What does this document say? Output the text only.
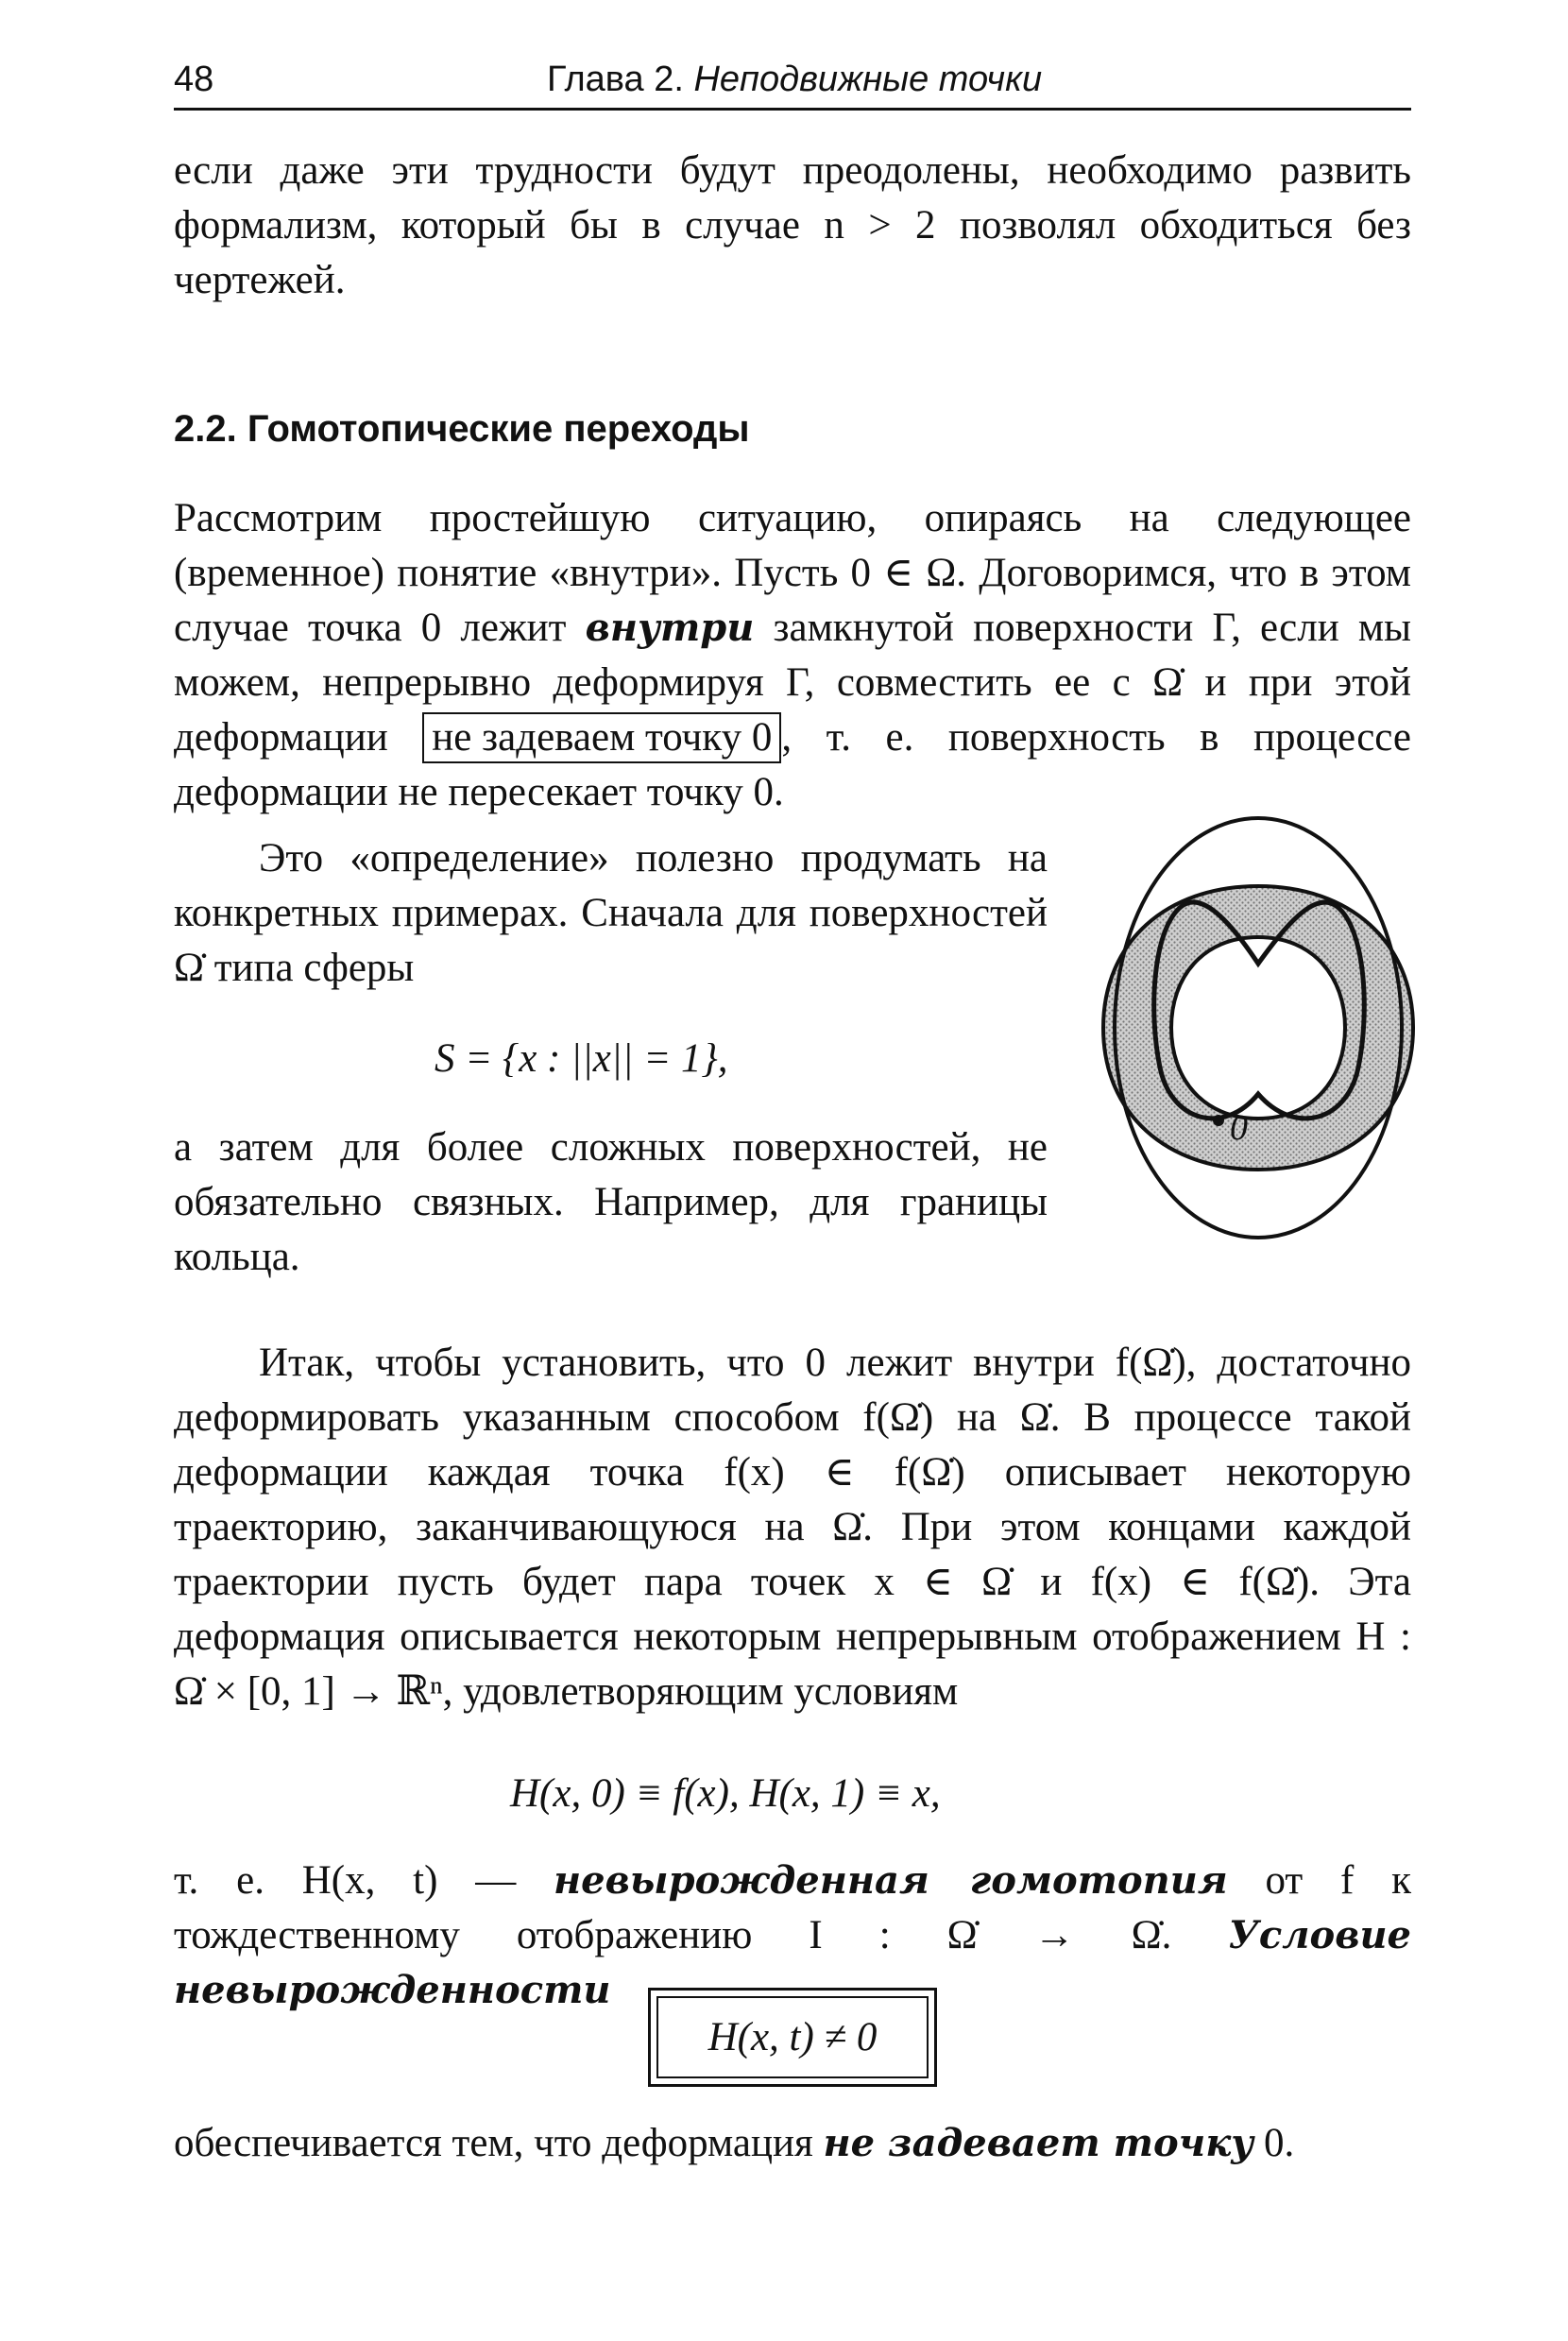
48	Глава 2. Неподвижные точки

если даже эти трудности будут преодолены, необходимо развить формализм, который бы в случае n > 2 позволял обходиться без чертежей.

2.2. Гомотопические переходы

Рассмотрим простейшую ситуацию, опираясь на следующее (временное) понятие «внутри». Пусть 0 ∈ Ω. Договоримся, что в этом случае точка 0 лежит внутри замкнутой поверхности Γ, если мы можем, непрерывно деформируя Γ, совместить ее с Ω̇ и при этой деформации не задеваем точку 0 , т. е. поверхность в процессе деформации не пересекает точку 0.

Это «определение» полезно продумать на конкретных примерах. Сначала для поверхностей Ω̇ типа сферы

S = {x : ||x|| = 1},

а затем для более сложных поверхностей, не обязательно связных. Например, для границы кольца.

0

Итак, чтобы установить, что 0 лежит внутри f(Ω̇), достаточно деформировать указанным способом f(Ω̇) на Ω̇. В процессе такой деформации каждая точка f(x) ∈ f(Ω̇) описывает некоторую траекторию, заканчивающуюся на Ω̇. При этом концами каждой траектории пусть будет пара точек x ∈ Ω̇ и f(x) ∈ f(Ω̇). Эта деформация описывается некоторым непрерывным отображением H : Ω̇ × [0, 1] → ℝⁿ, удовлетворяющим условиям

H(x, 0) ≡ f(x), H(x, 1) ≡ x,

т. е. H(x, t) — невырожденная гомотопия от f к тождественному отображению I : Ω̇ → Ω̇. Условие невырожденности

H(x, t) ≠ 0

обеспечивается тем, что деформация не задевает точку 0.
